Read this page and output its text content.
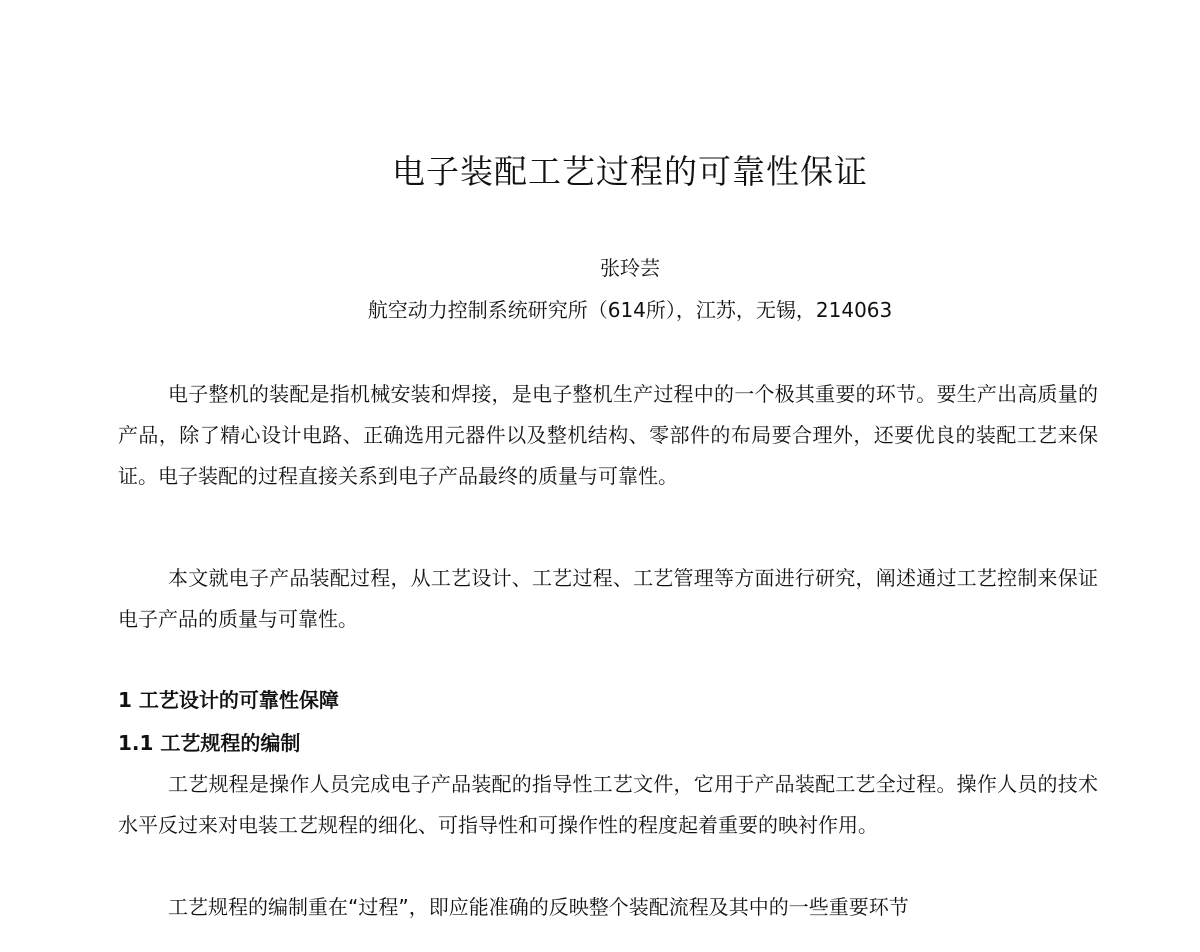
电子装配工艺过程的可靠性保证
张玲芸
航空动力控制系统研究所（614所），江苏，无锡，214063

电子整机的装配是指机械安装和焊接，是电子整机生产过程中的一个极其重要的环节。要生产出高质量的产品，除了精心设计电路、正确选用元器件以及整机结构、零部件的布局要合理外，还要优良的装配工艺来保证。电子装配的过程直接关系到电子产品最终的质量与可靠性。

本文就电子产品装配过程，从工艺设计、工艺过程、工艺管理等方面进行研究，阐述通过工艺控制来保证电子产品的质量与可靠性。

1 工艺设计的可靠性保障
1.1 工艺规程的编制

工艺规程是操作人员完成电子产品装配的指导性工艺文件，它用于产品装配工艺全过程。操作人员的技术水平反过来对电装工艺规程的细化、可指导性和可操作性的程度起着重要的映衬作用。

工艺规程的编制重在“过程”，即应能准确的反映整个装配流程及其中的一些重要环节
